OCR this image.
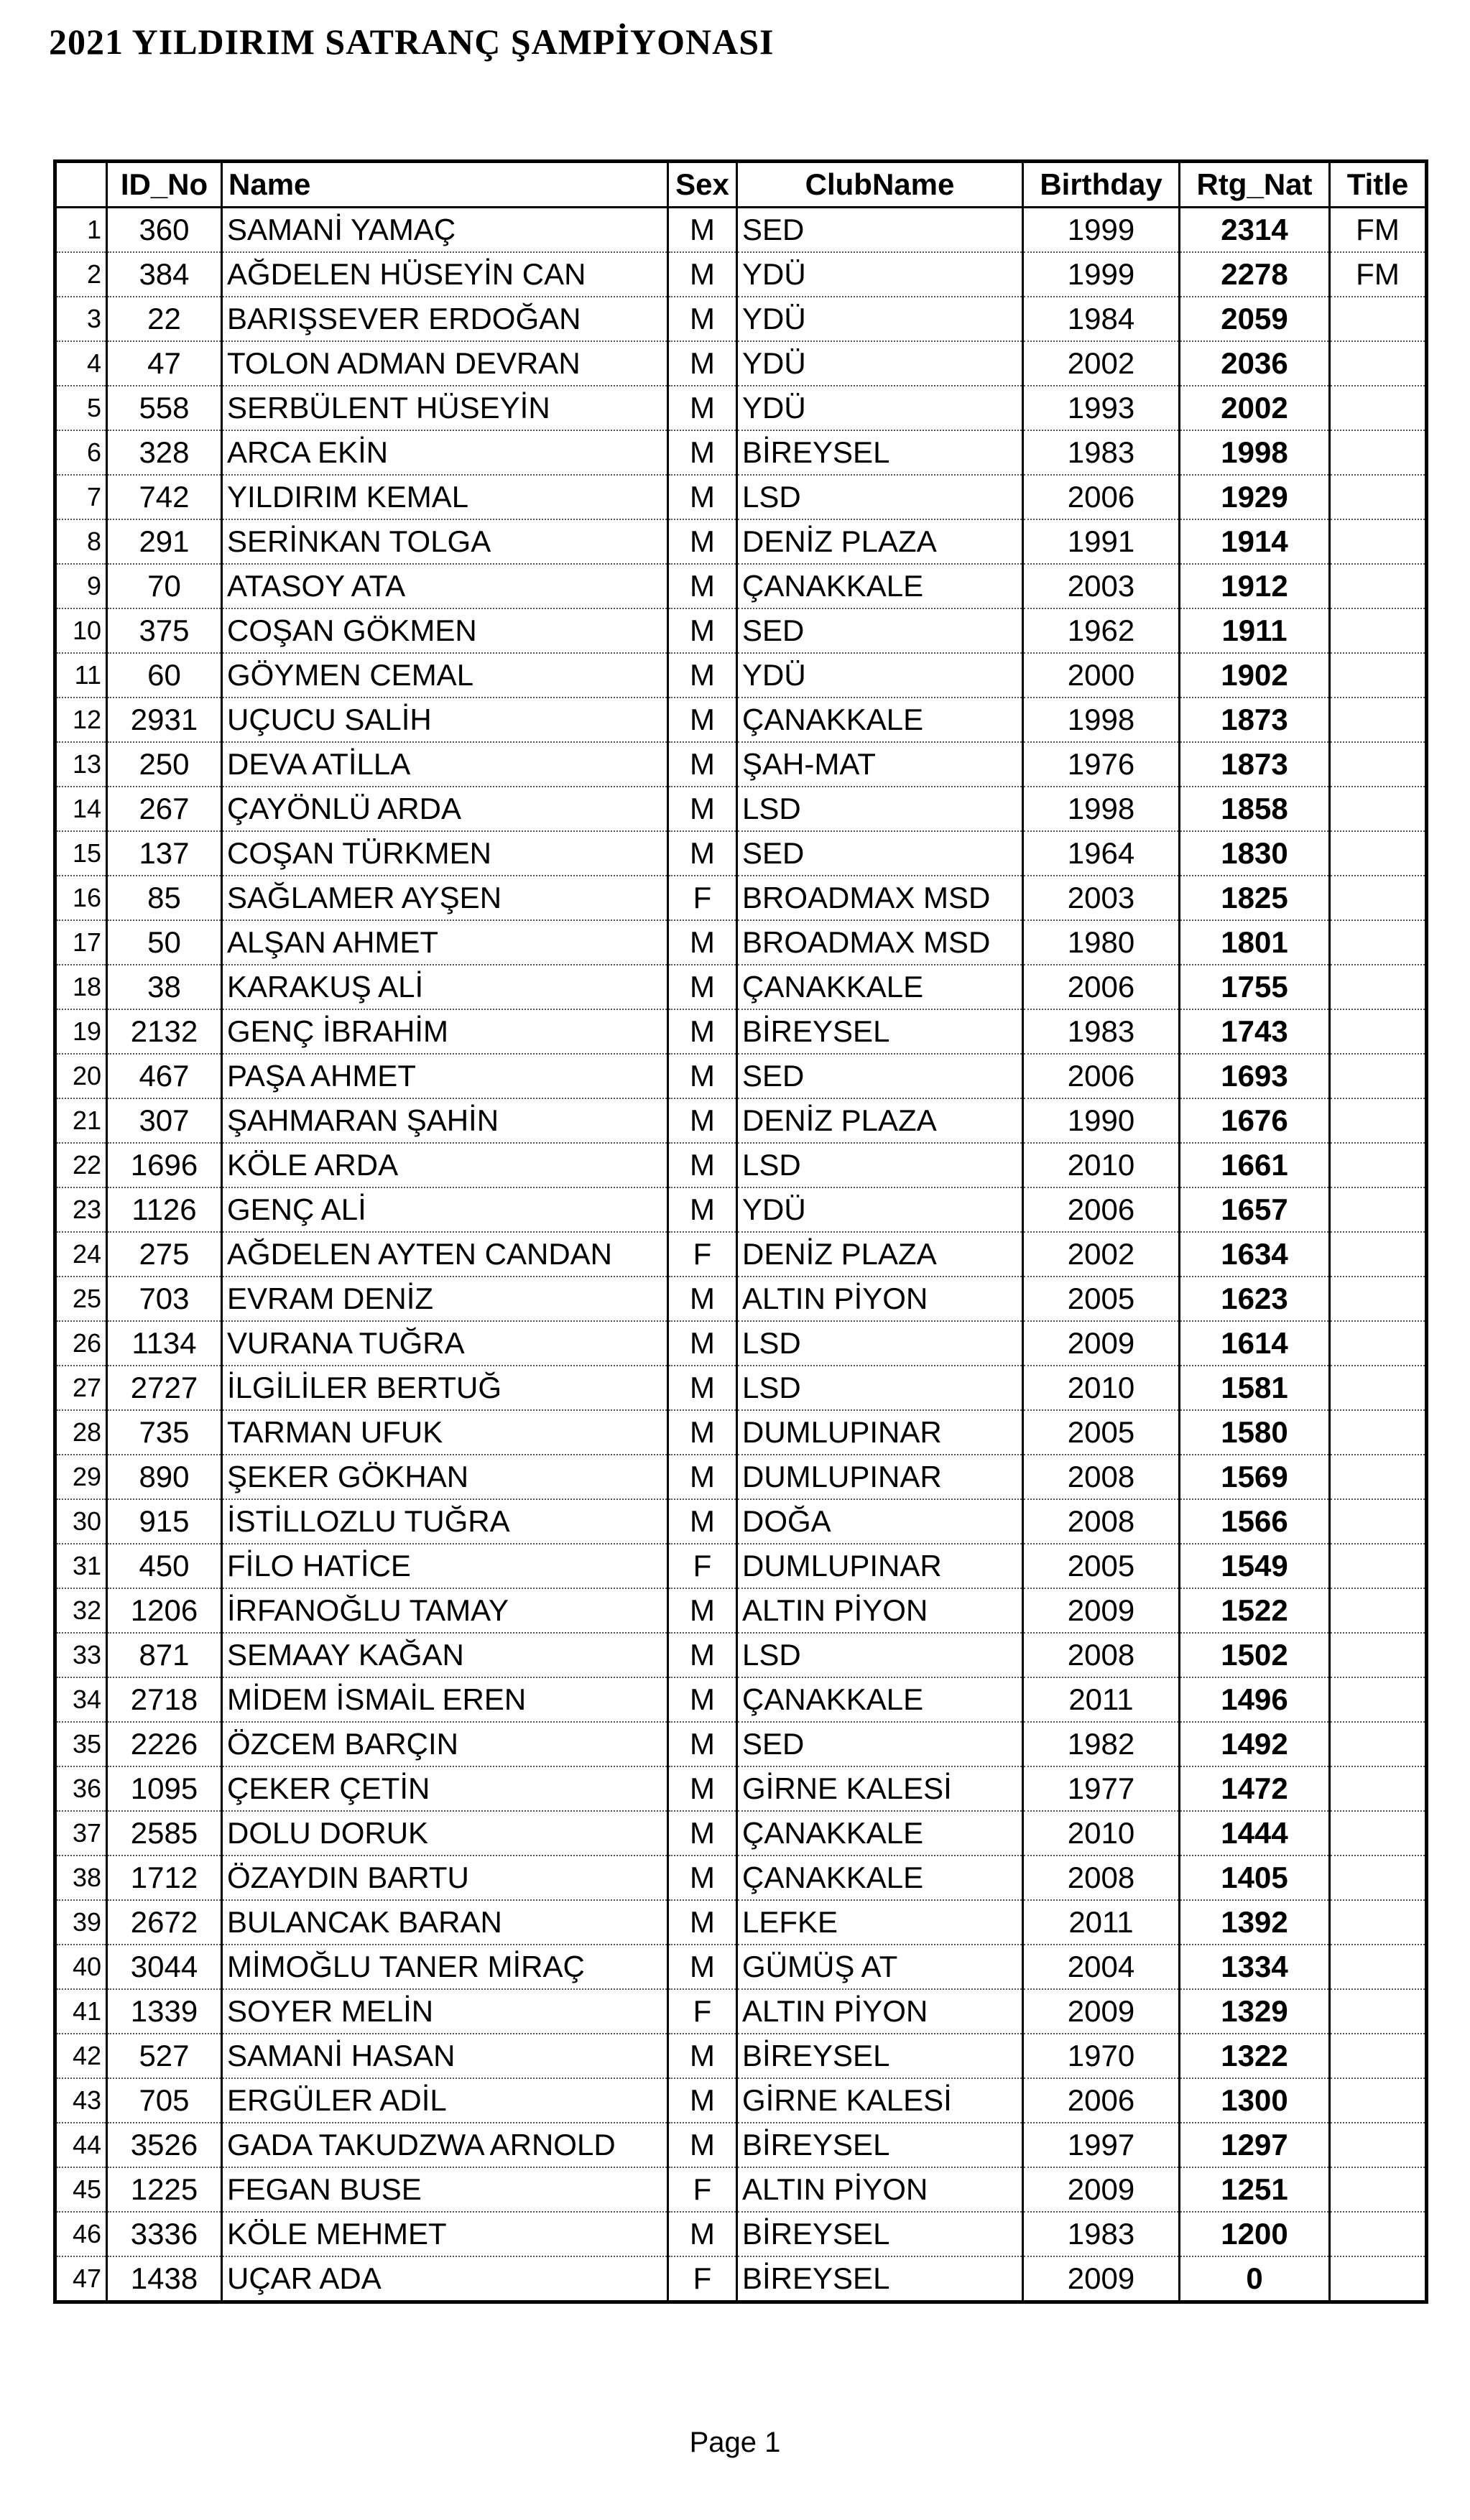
2021 YILDIRIM SATRANÇ ŞAMPİYONASI
	ID_No	Name	Sex	ClubName	Birthday	Rtg_Nat	Title
1	360	SAMANİ YAMAÇ	M	SED	1999	2314	FM
2	384	AĞDELEN HÜSEYİN CAN	M	YDÜ	1999	2278	FM
3	22	BARIŞSEVER ERDOĞAN	M	YDÜ	1984	2059	
4	47	TOLON ADMAN DEVRAN	M	YDÜ	2002	2036	
5	558	SERBÜLENT HÜSEYİN	M	YDÜ	1993	2002	
6	328	ARCA EKİN	M	BİREYSEL	1983	1998	
7	742	YILDIRIM KEMAL	M	LSD	2006	1929	
8	291	SERİNKAN TOLGA	M	DENİZ PLAZA	1991	1914	
9	70	ATASOY ATA	M	ÇANAKKALE	2003	1912	
10	375	COŞAN GÖKMEN	M	SED	1962	1911	
11	60	GÖYMEN CEMAL	M	YDÜ	2000	1902	
12	2931	UÇUCU SALİH	M	ÇANAKKALE	1998	1873	
13	250	DEVA ATİLLA	M	ŞAH-MAT	1976	1873	
14	267	ÇAYÖNLÜ ARDA	M	LSD	1998	1858	
15	137	COŞAN TÜRKMEN	M	SED	1964	1830	
16	85	SAĞLAMER AYŞEN	F	BROADMAX MSD	2003	1825	
17	50	ALŞAN AHMET	M	BROADMAX MSD	1980	1801	
18	38	KARAKUŞ ALİ	M	ÇANAKKALE	2006	1755	
19	2132	GENÇ İBRAHİM	M	BİREYSEL	1983	1743	
20	467	PAŞA AHMET	M	SED	2006	1693	
21	307	ŞAHMARAN ŞAHİN	M	DENİZ PLAZA	1990	1676	
22	1696	KÖLE ARDA	M	LSD	2010	1661	
23	1126	GENÇ ALİ	M	YDÜ	2006	1657	
24	275	AĞDELEN AYTEN CANDAN	F	DENİZ PLAZA	2002	1634	
25	703	EVRAM DENİZ	M	ALTIN PİYON	2005	1623	
26	1134	VURANA TUĞRA	M	LSD	2009	1614	
27	2727	İLGİLİLER BERTUĞ	M	LSD	2010	1581	
28	735	TARMAN UFUK	M	DUMLUPINAR	2005	1580	
29	890	ŞEKER GÖKHAN	M	DUMLUPINAR	2008	1569	
30	915	İSTİLLOZLU TUĞRA	M	DOĞA	2008	1566	
31	450	FİLO HATİCE	F	DUMLUPINAR	2005	1549	
32	1206	İRFANOĞLU TAMAY	M	ALTIN PİYON	2009	1522	
33	871	SEMAAY KAĞAN	M	LSD	2008	1502	
34	2718	MİDEM İSMAİL EREN	M	ÇANAKKALE	2011	1496	
35	2226	ÖZCEM BARÇIN	M	SED	1982	1492	
36	1095	ÇEKER ÇETİN	M	GİRNE KALESİ	1977	1472	
37	2585	DOLU DORUK	M	ÇANAKKALE	2010	1444	
38	1712	ÖZAYDIN BARTU	M	ÇANAKKALE	2008	1405	
39	2672	BULANCAK BARAN	M	LEFKE	2011	1392	
40	3044	MİMOĞLU TANER MİRAÇ	M	GÜMÜŞ AT	2004	1334	
41	1339	SOYER MELİN	F	ALTIN PİYON	2009	1329	
42	527	SAMANİ HASAN	M	BİREYSEL	1970	1322	
43	705	ERGÜLER ADİL	M	GİRNE KALESİ	2006	1300	
44	3526	GADA TAKUDZWA ARNOLD	M	BİREYSEL	1997	1297	
45	1225	FEGAN BUSE	F	ALTIN PİYON	2009	1251	
46	3336	KÖLE MEHMET	M	BİREYSEL	1983	1200	
47	1438	UÇAR ADA	F	BİREYSEL	2009	0	
Page 1
